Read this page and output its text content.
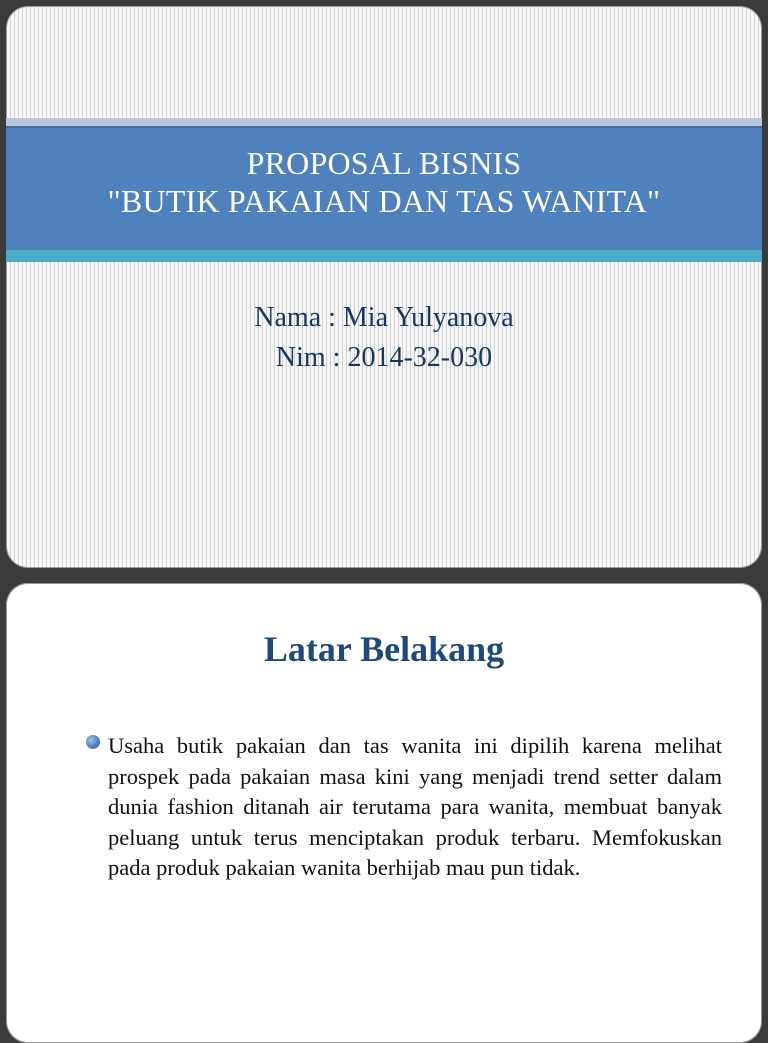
PROPOSAL BISNIS
"BUTIK PAKAIAN DAN TAS WANITA"
Nama : Mia Yulyanova
Nim : 2014-32-030
Latar Belakang
Usaha butik pakaian dan tas wanita ini dipilih karena melihat prospek pada pakaian masa kini yang menjadi trend setter dalam dunia fashion ditanah air terutama para wanita, membuat banyak peluang untuk terus menciptakan produk terbaru. Memfokuskan pada produk pakaian wanita berhijab mau pun tidak.
